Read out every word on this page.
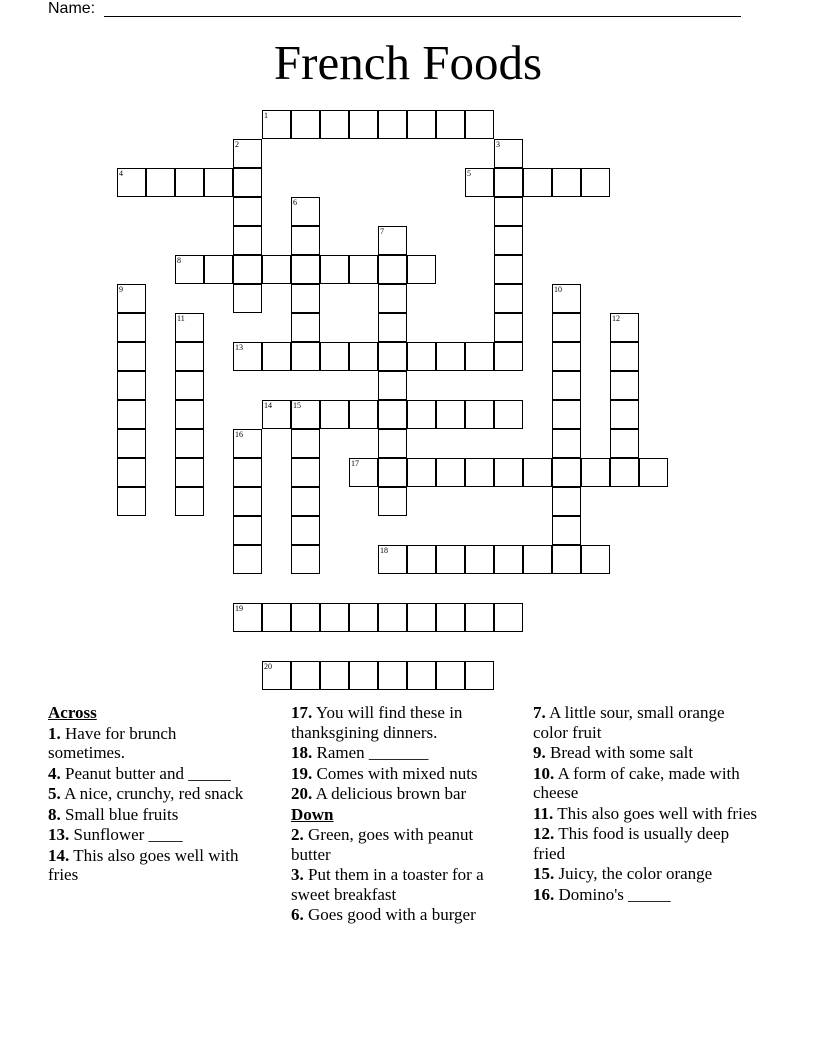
Name:
French Foods
1
4	5
8
13
14	15
17
18
19
20
2	3
6
7
9	10
11	12
16
Across
1. Have for brunch sometimes.
4. Peanut butter and _____
5. A nice, crunchy, red snack
8. Small blue fruits
13. Sunflower ____
14. This also goes well with fries
17. You will find these in thanksgining dinners.
18. Ramen _______
19. Comes with mixed nuts
20. A delicious brown bar
Down
2. Green, goes with peanut butter
3. Put them in a toaster for a sweet breakfast
6. Goes good with a burger
7. A little sour, small orange color fruit
9. Bread with some salt
10. A form of cake, made with cheese
11. This also goes well with fries
12. This food is usually deep fried
15. Juicy, the color orange
16. Domino's _____
